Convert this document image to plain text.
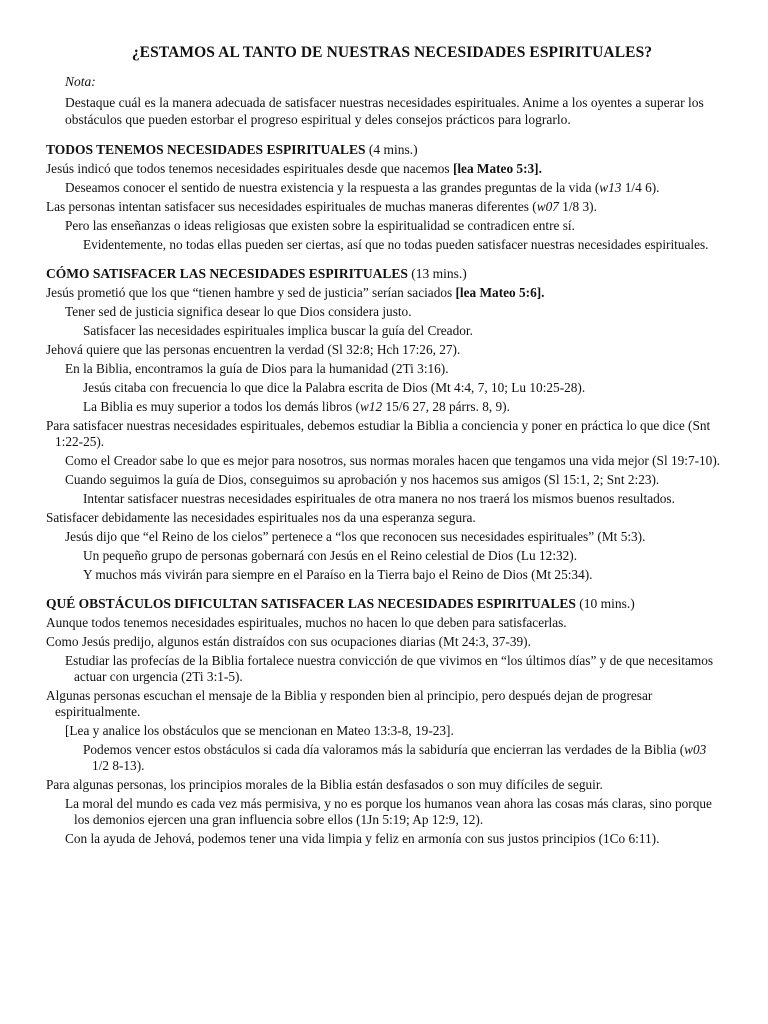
¿ESTAMOS AL TANTO DE NUESTRAS NECESIDADES ESPIRITUALES?
Nota:
Destaque cuál es la manera adecuada de satisfacer nuestras necesidades espirituales. Anime a los oyentes a superar los obstáculos que pueden estorbar el progreso espiritual y deles consejos prácticos para lograrlo.
TODOS TENEMOS NECESIDADES ESPIRITUALES (4 mins.)
Jesús indicó que todos tenemos necesidades espirituales desde que nacemos [lea Mateo 5:3].
Deseamos conocer el sentido de nuestra existencia y la respuesta a las grandes preguntas de la vida (w13 1/4 6).
Las personas intentan satisfacer sus necesidades espirituales de muchas maneras diferentes (w07 1/8 3).
Pero las enseñanzas o ideas religiosas que existen sobre la espiritualidad se contradicen entre sí.
Evidentemente, no todas ellas pueden ser ciertas, así que no todas pueden satisfacer nuestras necesidades espirituales.
CÓMO SATISFACER LAS NECESIDADES ESPIRITUALES (13 mins.)
Jesús prometió que los que “tienen hambre y sed de justicia” serían saciados [lea Mateo 5:6].
Tener sed de justicia significa desear lo que Dios considera justo.
Satisfacer las necesidades espirituales implica buscar la guía del Creador.
Jehová quiere que las personas encuentren la verdad (Sl 32:8; Hch 17:26, 27).
En la Biblia, encontramos la guía de Dios para la humanidad (2Ti 3:16).
Jesús citaba con frecuencia lo que dice la Palabra escrita de Dios (Mt 4:4, 7, 10; Lu 10:25-28).
La Biblia es muy superior a todos los demás libros (w12 15/6 27, 28 párrs. 8, 9).
Para satisfacer nuestras necesidades espirituales, debemos estudiar la Biblia a conciencia y poner en práctica lo que dice (Snt 1:22-25).
Como el Creador sabe lo que es mejor para nosotros, sus normas morales hacen que tengamos una vida mejor (Sl 19:7-10).
Cuando seguimos la guía de Dios, conseguimos su aprobación y nos hacemos sus amigos (Sl 15:1, 2; Snt 2:23).
Intentar satisfacer nuestras necesidades espirituales de otra manera no nos traerá los mismos buenos resultados.
Satisfacer debidamente las necesidades espirituales nos da una esperanza segura.
Jesús dijo que “el Reino de los cielos” pertenece a “los que reconocen sus necesidades espirituales” (Mt 5:3).
Un pequeño grupo de personas gobernará con Jesús en el Reino celestial de Dios (Lu 12:32).
Y muchos más vivirán para siempre en el Paraíso en la Tierra bajo el Reino de Dios (Mt 25:34).
QUÉ OBSTÁCULOS DIFICULTAN SATISFACER LAS NECESIDADES ESPIRITUALES (10 mins.)
Aunque todos tenemos necesidades espirituales, muchos no hacen lo que deben para satisfacerlas.
Como Jesús predijo, algunos están distraídos con sus ocupaciones diarias (Mt 24:3, 37-39).
Estudiar las profecías de la Biblia fortalece nuestra convicción de que vivimos en “los últimos días” y de que necesitamos actuar con urgencia (2Ti 3:1-5).
Algunas personas escuchan el mensaje de la Biblia y responden bien al principio, pero después dejan de progresar espiritualmente.
[Lea y analice los obstáculos que se mencionan en Mateo 13:3-8, 19-23].
Podemos vencer estos obstáculos si cada día valoramos más la sabiduría que encierran las verdades de la Biblia (w03 1/2 8-13).
Para algunas personas, los principios morales de la Biblia están desfasados o son muy difíciles de seguir.
La moral del mundo es cada vez más permisiva, y no es porque los humanos vean ahora las cosas más claras, sino porque los demonios ejercen una gran influencia sobre ellos (1Jn 5:19; Ap 12:9, 12).
Con la ayuda de Jehová, podemos tener una vida limpia y feliz en armonía con sus justos principios (1Co 6:11).
